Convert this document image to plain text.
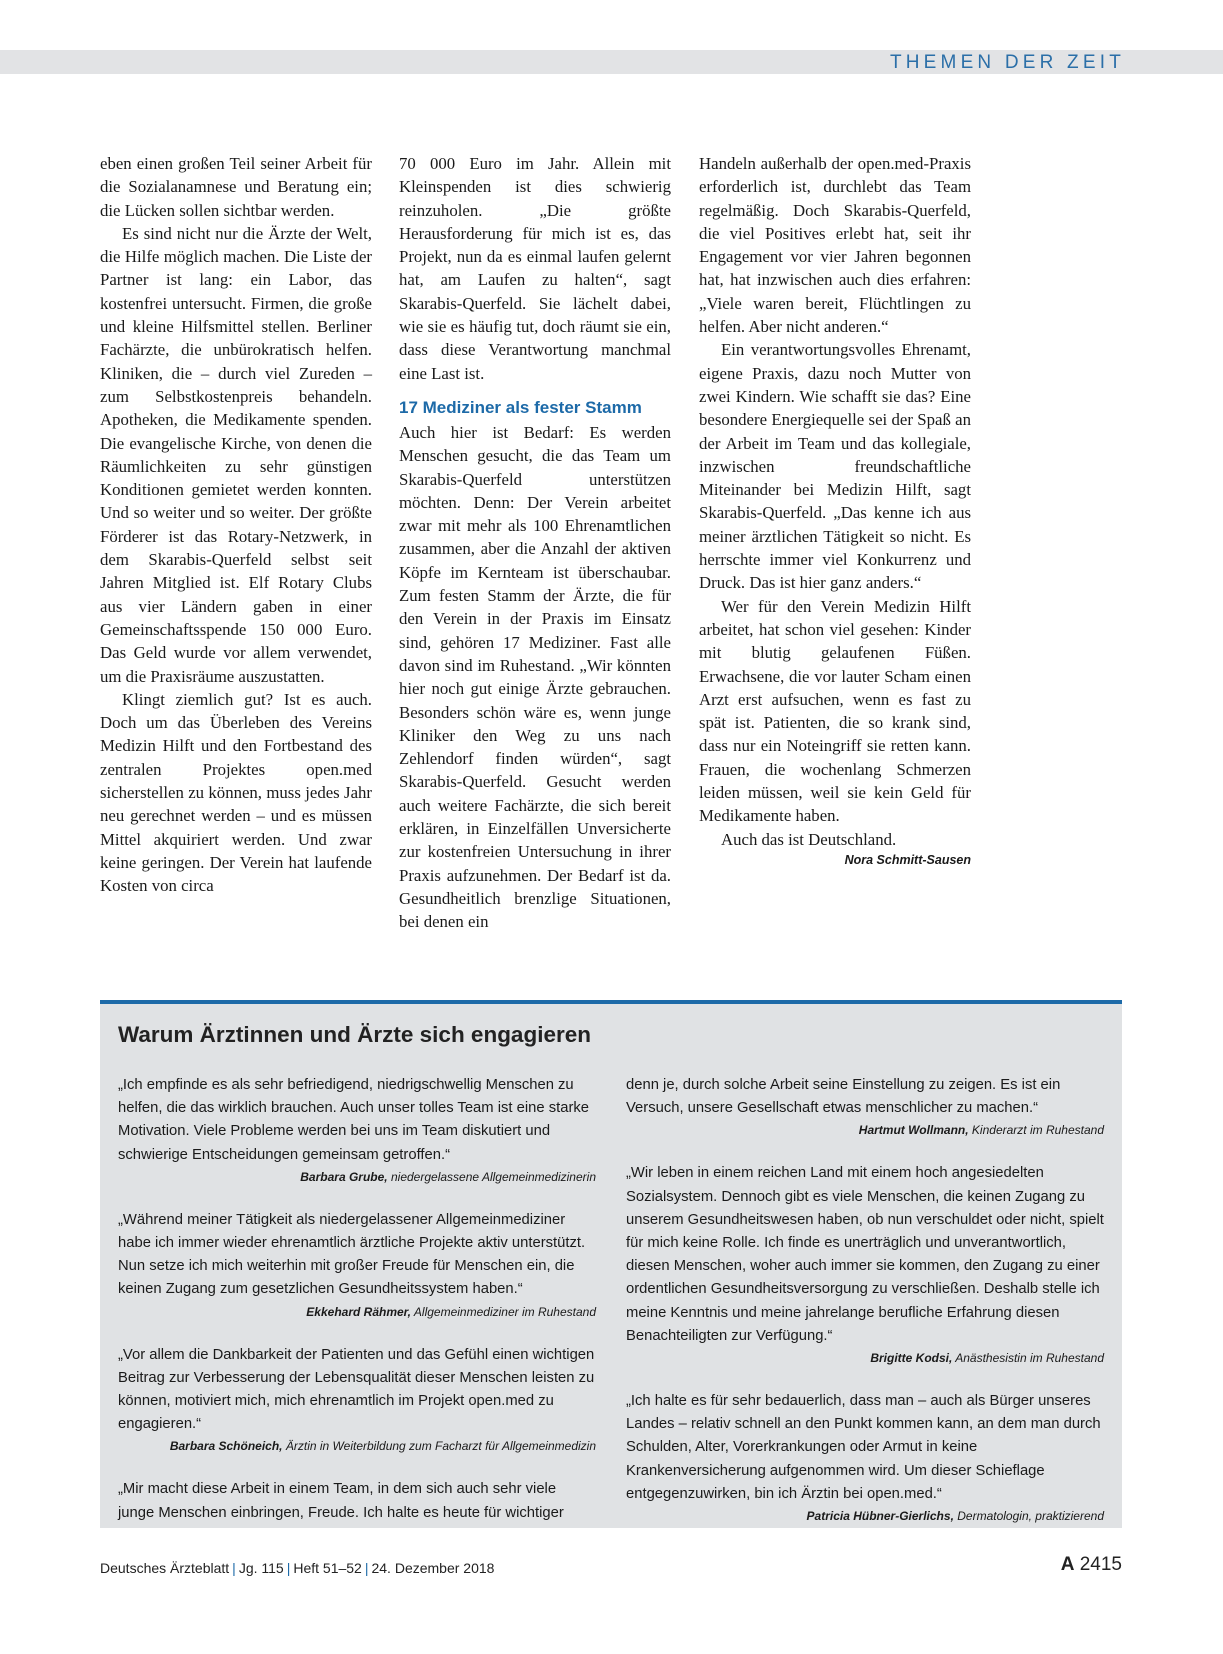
THEMEN DER ZEIT

eben einen großen Teil seiner Arbeit für die Sozialanamnese und Beratung ein; die Lücken sollen sichtbar werden.

Es sind nicht nur die Ärzte der Welt, die Hilfe möglich machen. Die Liste der Partner ist lang: ein Labor, das kostenfrei untersucht. Firmen, die große und kleine Hilfsmittel stellen. Berliner Fachärzte, die unbürokratisch helfen. Kliniken, die – durch viel Zureden – zum Selbstkostenpreis behandeln. Apotheken, die Medikamente spenden. Die evangelische Kirche, von denen die Räumlichkeiten zu sehr günstigen Konditionen gemietet werden konnten. Und so weiter und so weiter. Der größte Förderer ist das Rotary-Netzwerk, in dem Skarabis-Querfeld selbst seit Jahren Mitglied ist. Elf Rotary Clubs aus vier Ländern gaben in einer Gemeinschaftsspende 150 000 Euro. Das Geld wurde vor allem verwendet, um die Praxisräume auszustatten.

Klingt ziemlich gut? Ist es auch. Doch um das Überleben des Vereins Medizin Hilft und den Fortbestand des zentralen Projektes open.med sicherstellen zu können, muss jedes Jahr neu gerechnet werden – und es müssen Mittel akquiriert werden. Und zwar keine geringen. Der Verein hat laufende Kosten von circa

70 000 Euro im Jahr. Allein mit Kleinspenden ist dies schwierig reinzuholen. „Die größte Herausforderung für mich ist es, das Projekt, nun da es einmal laufen gelernt hat, am Laufen zu halten“, sagt Skarabis-Querfeld. Sie lächelt dabei, wie sie es häufig tut, doch räumt sie ein, dass diese Verantwortung manchmal eine Last ist.

17 Mediziner als fester Stamm

Auch hier ist Bedarf: Es werden Menschen gesucht, die das Team um Skarabis-Querfeld unterstützen möchten. Denn: Der Verein arbeitet zwar mit mehr als 100 Ehrenamtlichen zusammen, aber die Anzahl der aktiven Köpfe im Kernteam ist überschaubar. Zum festen Stamm der Ärzte, die für den Verein in der Praxis im Einsatz sind, gehören 17 Mediziner. Fast alle davon sind im Ruhestand. „Wir könnten hier noch gut einige Ärzte gebrauchen. Besonders schön wäre es, wenn junge Kliniker den Weg zu uns nach Zehlendorf finden würden“, sagt Skarabis-Querfeld. Gesucht werden auch weitere Fachärzte, die sich bereit erklären, in Einzelfällen Unversicherte zur kostenfreien Untersuchung in ihrer Praxis aufzunehmen. Der Bedarf ist da. Gesundheitlich brenzlige Situationen, bei denen ein

Handeln außerhalb der open.med-Praxis erforderlich ist, durchlebt das Team regelmäßig. Doch Skarabis-Querfeld, die viel Positives erlebt hat, seit ihr Engagement vor vier Jahren begonnen hat, hat inzwischen auch dies erfahren: „Viele waren bereit, Flüchtlingen zu helfen. Aber nicht anderen.“

Ein verantwortungsvolles Ehrenamt, eigene Praxis, dazu noch Mutter von zwei Kindern. Wie schafft sie das? Eine besondere Energiequelle sei der Spaß an der Arbeit im Team und das kollegiale, inzwischen freundschaftliche Miteinander bei Medizin Hilft, sagt Skarabis-Querfeld. „Das kenne ich aus meiner ärztlichen Tätigkeit so nicht. Es herrschte immer viel Konkurrenz und Druck. Das ist hier ganz anders.“

Wer für den Verein Medizin Hilft arbeitet, hat schon viel gesehen: Kinder mit blutig gelaufenen Füßen. Erwachsene, die vor lauter Scham einen Arzt erst aufsuchen, wenn es fast zu spät ist. Patienten, die so krank sind, dass nur ein Noteingriff sie retten kann. Frauen, die wochenlang Schmerzen leiden müssen, weil sie kein Geld für Medikamente haben.

Auch das ist Deutschland.

Nora Schmitt-Sausen
Warum Ärztinnen und Ärzte sich engagieren

„Ich empfinde es als sehr befriedigend, niedrigschwellig Menschen zu helfen, die das wirklich brauchen. Auch unser tolles Team ist eine starke Motivation. Viele Probleme werden bei uns im Team diskutiert und schwierige Entscheidungen gemeinsam getroffen.“

Barbara Grube, niedergelassene Allgemeinmedizinerin

„Während meiner Tätigkeit als niedergelassener Allgemeinmediziner habe ich immer wieder ehrenamtlich ärztliche Projekte aktiv unterstützt. Nun setze ich mich weiterhin mit großer Freude für Menschen ein, die keinen Zugang zum gesetzlichen Gesundheitssystem haben.“

Ekkehard Rähmer, Allgemeinmediziner im Ruhestand

„Vor allem die Dankbarkeit der Patienten und das Gefühl einen wichtigen Beitrag zur Verbesserung der Lebensqualität dieser Menschen leisten zu können, motiviert mich, mich ehrenamtlich im Projekt open.med zu engagieren.“

Barbara Schöneich, Ärztin in Weiterbildung zum Facharzt für Allgemeinmedizin

„Mir macht diese Arbeit in einem Team, in dem sich auch sehr viele junge Menschen einbringen, Freude. Ich halte es heute für wichtiger

denn je, durch solche Arbeit seine Einstellung zu zeigen. Es ist ein Versuch, unsere Gesellschaft etwas menschlicher zu machen.“

Hartmut Wollmann, Kinderarzt im Ruhestand

„Wir leben in einem reichen Land mit einem hoch angesiedelten Sozialsystem. Dennoch gibt es viele Menschen, die keinen Zugang zu unserem Gesundheitswesen haben, ob nun verschuldet oder nicht, spielt für mich keine Rolle. Ich finde es unerträglich und unverantwortlich, diesen Menschen, woher auch immer sie kommen, den Zugang zu einer ordentlichen Gesundheitsversorgung zu verschließen. Deshalb stelle ich meine Kenntnis und meine jahrelange berufliche Erfahrung diesen Benachteiligten zur Verfügung.“

Brigitte Kodsi, Anästhesistin im Ruhestand

„Ich halte es für sehr bedauerlich, dass man – auch als Bürger unseres Landes – relativ schnell an den Punkt kommen kann, an dem man durch Schulden, Alter, Vorerkrankungen oder Armut in keine Krankenversicherung aufgenommen wird. Um dieser Schieflage entgegenzuwirken, bin ich Ärztin bei open.med.“

Patricia Hübner-Gierlichs, Dermatologin, praktizierend
Deutsches Ärzteblatt | Jg. 115 | Heft 51–52 | 24. Dezember 2018	A 2415
